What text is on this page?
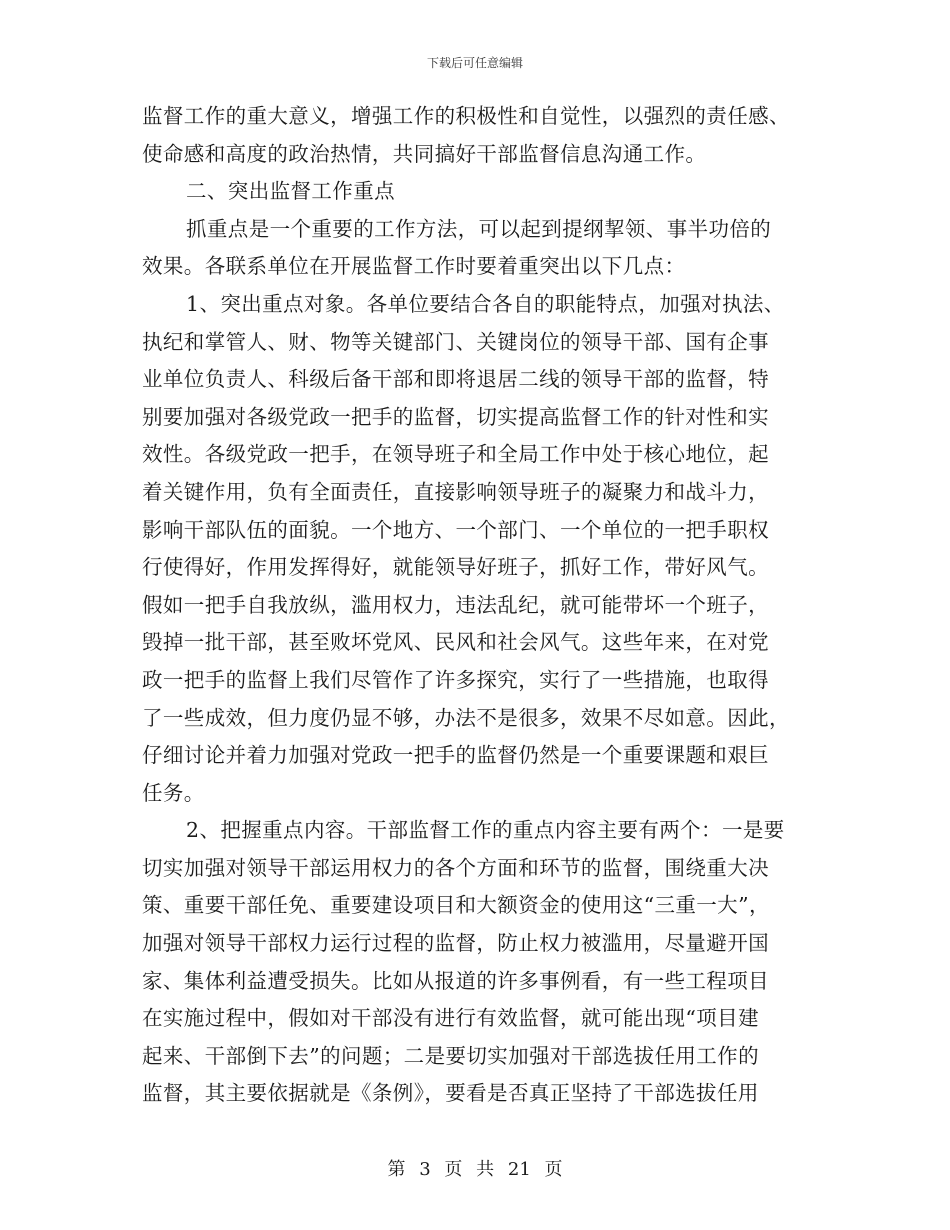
下载后可任意编辑
监督工作的重大意义，增强工作的积极性和自觉性，以强烈的责任感、
使命感和高度的政治热情，共同搞好干部监督信息沟通工作。
二、突出监督工作重点
抓重点是一个重要的工作方法，可以起到提纲挈领、事半功倍的
效果。各联系单位在开展监督工作时要着重突出以下几点：
1、突出重点对象。各单位要结合各自的职能特点，加强对执法、
执纪和掌管人、财、物等关键部门、关键岗位的领导干部、国有企事
业单位负责人、科级后备干部和即将退居二线的领导干部的监督，特
别要加强对各级党政一把手的监督，切实提高监督工作的针对性和实
效性。各级党政一把手，在领导班子和全局工作中处于核心地位，起
着关键作用，负有全面责任，直接影响领导班子的凝聚力和战斗力，
影响干部队伍的面貌。一个地方、一个部门、一个单位的一把手职权
行使得好，作用发挥得好，就能领导好班子，抓好工作，带好风气。
假如一把手自我放纵，滥用权力，违法乱纪，就可能带坏一个班子，
毁掉一批干部，甚至败坏党风、民风和社会风气。这些年来，在对党
政一把手的监督上我们尽管作了许多探究，实行了一些措施，也取得
了一些成效，但力度仍显不够，办法不是很多，效果不尽如意。因此，
仔细讨论并着力加强对党政一把手的监督仍然是一个重要课题和艰巨
任务。
2、把握重点内容。干部监督工作的重点内容主要有两个：一是要
切实加强对领导干部运用权力的各个方面和环节的监督，围绕重大决
策、重要干部任免、重要建设项目和大额资金的使用这“三重一大”，
加强对领导干部权力运行过程的监督，防止权力被滥用，尽量避开国
家、集体利益遭受损失。比如从报道的许多事例看，有一些工程项目
在实施过程中，假如对干部没有进行有效监督，就可能出现“项目建
起来、干部倒下去”的问题；二是要切实加强对干部选拔任用工作的
监督，其主要依据就是《条例》，要看是否真正坚持了干部选拔任用
第 3 页 共 21 页
